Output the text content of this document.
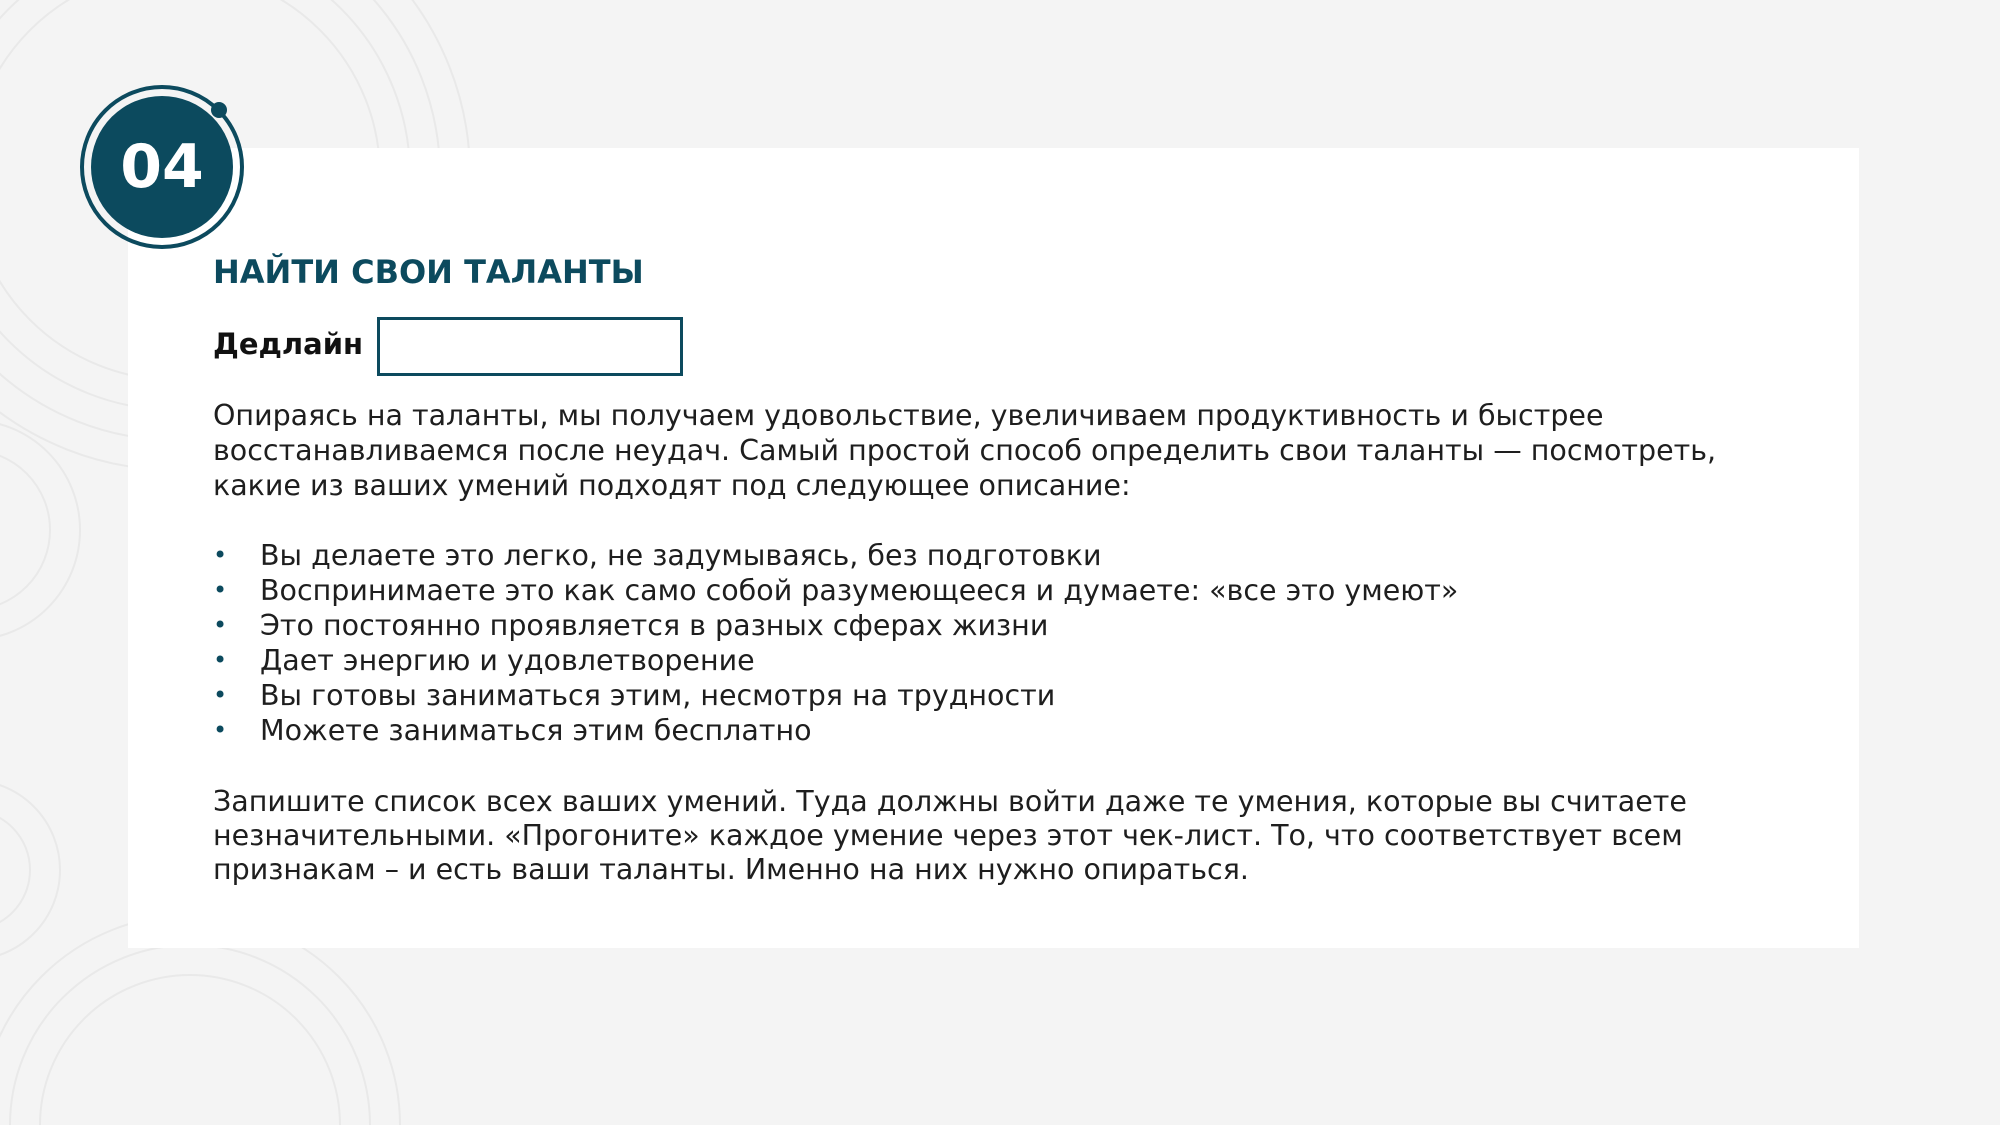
04
НАЙТИ СВОИ ТАЛАНТЫ
Дедлайн

Опираясь на таланты, мы получаем удовольствие, увеличиваем продуктивность и быстрее восстанавливаемся после неудач. Самый простой способ определить свои таланты — посмотреть, какие из ваших умений подходят под следующее описание:

• Вы делаете это легко, не задумываясь, без подготовки
• Воспринимаете это как само собой разумеющееся и думаете: «все это умеют»
• Это постоянно проявляется в разных сферах жизни
• Дает энергию и удовлетворение
• Вы готовы заниматься этим, несмотря на трудности
• Можете заниматься этим бесплатно

Запишите список всех ваших умений. Туда должны войти даже те умения, которые вы считаете незначительными. «Прогоните» каждое умение через этот чек-лист. То, что соответствует всем признакам – и есть ваши таланты. Именно на них нужно опираться.
